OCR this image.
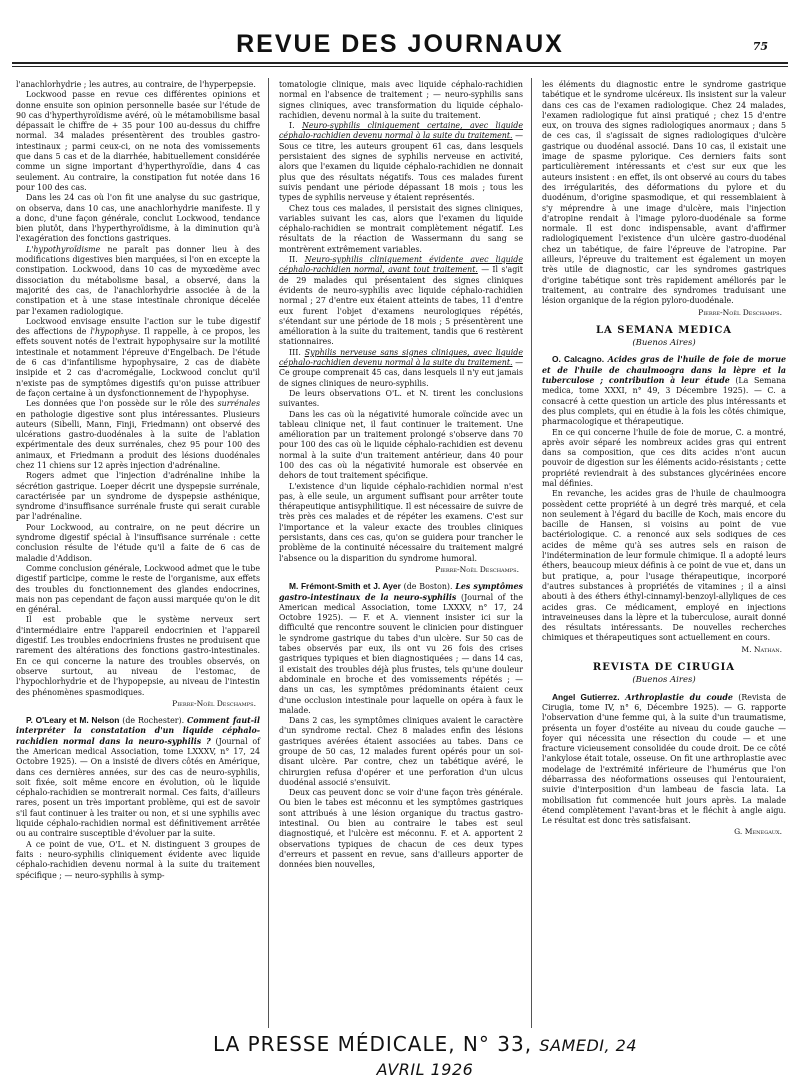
REVUE DES JOURNAUX	75

l'anachlorhydrie ; les autres, au contraire, de l'hyperpepsie.

Lockwood passe en revue ces différentes opinions et donne ensuite son opinion personnelle basée sur l'étude de 90 cas d'hyperthyroïdisme avéré, où le métamobilisme basal dépassait le chiffre de + 35 pour 100 au-dessus du chiffre normal. 34 malades présentèrent des troubles gastro-intestinaux ; parmi ceux-ci, on ne nota des vomissements que dans 5 cas et de la diarrhée, habituellement considérée comme un signe important d'hyperthyroïdie, dans 4 cas seulement. Au contraire, la constipation fut notée dans 16 pour 100 des cas.

Dans les 24 cas où l'on fit une analyse du suc gastrique, on observa, dans 10 cas, une anachlorhydrie manifeste. Il y a donc, d'une façon générale, conclut Lockwood, tendance bien plutôt, dans l'hyperthyroïdisme, à la diminution qu'à l'exagération des fonctions gastriques.

L'hypothyroïdisme ne paraît pas donner lieu à des modifications digestives bien marquées, si l'on en excepte la constipation. Lockwood, dans 10 cas de myxœdème avec dissociation du métabolisme basal, a observé, dans la majorité des cas, de l'anachlorhydrie associée à de la constipation et à une stase intestinale chronique décelée par l'examen radiologique.

Lockwood envisage ensuite l'action sur le tube digestif des affections de l'hypophyse. Il rappelle, à ce propos, les effets souvent notés de l'extrait hypophysaire sur la motilité intestinale et notamment l'épreuve d'Engelbach. De l'étude de 6 cas d'infantilisme hypophysaire, 2 cas de diabète insipide et 2 cas d'acromégalie, Lockwood conclut qu'il n'existe pas de symptômes digestifs qu'on puisse attribuer de façon certaine à un dysfonctionnement de l'hypophyse.

Les données que l'on possède sur le rôle des surrénales en pathologie digestive sont plus intéressantes. Plusieurs auteurs (Sibelli, Mann, Finji, Friedmann) ont observé des ulcérations gastro-duodénales à la suite de l'ablation expérimentale des deux surrénales, chez 95 pour 100 des animaux, et Friedmann a produit des lésions duodénales chez 11 chiens sur 12 après injection d'adrénaline.

Rogers admet que l'injection d'adrénaline inhibe la sécrétion gastrique. Loeper décrit une dyspepsie surrénale, caractérisée par un syndrome de dyspepsie asthénique, syndrome d'insuffisance surrénale fruste qui serait curable par l'adrénaline.

Pour Lockwood, au contraire, on ne peut décrire un syndrome digestif spécial à l'insuffisance surrénale : cette conclusion résulte de l'étude qu'il a faite de 6 cas de maladie d'Addison.

Comme conclusion générale, Lockwood admet que le tube digestif participe, comme le reste de l'organisme, aux effets des troubles du fonctionnement des glandes endocrines, mais non pas cependant de façon aussi marquée qu'on le dit en général.

Il est probable que le système nerveux sert d'intermédiaire entre l'appareil endocrinien et l'appareil digestif. Les troubles endocriniens frustes ne produisent que rarement des altérations des fonctions gastro-intestinales. En ce qui concerne la nature des troubles observés, on observe surtout, au niveau de l'estomac, de l'hypochlorhydrie et de l'hypopepsie, au niveau de l'intestin des phénomènes spasmodiques.

Pierre-Noël Deschamps.

P. O'Leary et M. Nelson (de Rochester). Comment faut-il interpréter la constatation d'un liquide céphalo-rachidien normal dans la neuro-syphilis ? (Journal of the American medical Association, tome LXXXV, n° 17, 24 Octobre 1925). — On a insisté de divers côtés en Amérique, dans ces dernières années, sur des cas de neuro-syphilis, soit fixée, soit même encore en évolution, où le liquide céphalo-rachidien se montrerait normal. Ces faits, d'ailleurs rares, posent un très important problème, qui est de savoir s'il faut continuer à les traiter ou non, et si une syphilis avec liquide céphalo-rachidien normal est définitivement arrêtée ou au contraire susceptible d'évoluer par la suite.

A ce point de vue, O'L. et N. distinguent 3 groupes de faits : neuro-syphilis cliniquement évidente avec liquide céphalo-rachidien devenu normal à la suite du traitement spécifique ; — neuro-syphilis à symp-

tomatologie clinique, mais avec liquide céphalo-rachidien normal en l'absence de traitement ; — neuro-syphilis sans signes cliniques, avec transformation du liquide céphalo-rachidien, devenu normal à la suite du traitement.

I. Neuro-syphilis cliniquement certaine, avec liquide céphalo-rachidien devenu normal à la suite du traitement. — Sous ce titre, les auteurs groupent 61 cas, dans lesquels persistaient des signes de syphilis nerveuse en activité, alors que l'examen du liquide céphalo-rachidien ne donnait plus que des résultats négatifs. Tous ces malades furent suivis pendant une période dépassant 18 mois ; tous les types de syphilis nerveuse y étaient représentés.

Chez tous ces malades, il persistait des signes cliniques, variables suivant les cas, alors que l'examen du liquide céphalo-rachidien se montrait complètement négatif. Les résultats de la réaction de Wassermann du sang se montrèrent extrêmement variables.

II. Neuro-syphilis cliniquement évidente avec liquide céphalo-rachidien normal, avant tout traitement. — Il s'agit de 29 malades qui présentaient des signes cliniques évidents de neuro-syphilis avec liquide céphalo-rachidien normal ; 27 d'entre eux étaient atteints de tabes, 11 d'entre eux furent l'objet d'examens neurologiques répétés, s'étendant sur une période de 18 mois ; 5 présentèrent une amélioration à la suite du traitement, tandis que 6 restèrent stationnaires.

III. Syphilis nerveuse sans signes cliniques, avec liquide céphalo-rachidien devenu normal à la suite du traitement. — Ce groupe comprenait 45 cas, dans lesquels il n'y eut jamais de signes cliniques de neuro-syphilis.

De leurs observations O'L. et N. tirent les conclusions suivantes.

Dans les cas où la négativité humorale coïncide avec un tableau clinique net, il faut continuer le traitement. Une amélioration par un traitement prolongé s'observe dans 70 pour 100 des cas où le liquide céphalo-rachidien est devenu normal à la suite d'un traitement antérieur, dans 40 pour 100 des cas où la négativité humorale est observée en dehors de tout traitement spécifique.

L'existence d'un liquide céphalo-rachidien normal n'est pas, à elle seule, un argument suffisant pour arrêter toute thérapeutique antisyphilitique. Il est nécessaire de suivre de très près ces malades et de répéter les examens. C'est sur l'importance et la valeur exacte des troubles cliniques persistants, dans ces cas, qu'on se guidera pour trancher le problème de la continuité nécessaire du traitement malgré l'absence ou la disparition du syndrome humoral.

Pierre-Noël Deschamps.

M. Frémont-Smith et J. Ayer (de Boston). Les symptômes gastro-intestinaux de la neuro-syphilis (Journal of the American medical Association, tome LXXXV, n° 17, 24 Octobre 1925). — F. et A. viennent insister ici sur la difficulté que rencontre souvent le clinicien pour distinguer le syndrome gastrique du tabes d'un ulcère. Sur 50 cas de tabes observés par eux, ils ont vu 26 fois des crises gastriques typiques et bien diagnostiquées ; — dans 14 cas, il existait des troubles déjà plus frustes, tels qu'une douleur abdominale en broche et des vomissements répétés ; — dans un cas, les symptômes prédominants étaient ceux d'une occlusion intestinale pour laquelle on opéra à faux le malade.

Dans 2 cas, les symptômes cliniques avaient le caractère d'un syndrome rectal. Chez 8 malades enfin des lésions gastriques avérées étaient associées au tabes. Dans ce groupe de 50 cas, 12 malades furent opérés pour un soi-disant ulcère. Par contre, chez un tabétique avéré, le chirurgien refusa d'opérer et une perforation d'un ulcus duodénal associé s'ensuivit.

Deux cas peuvent donc se voir d'une façon très générale. Ou bien le tabes est méconnu et les symptômes gastriques sont attribués à une lésion organique du tractus gastro-intestinal. Ou bien au contraire le tabes est seul diagnostiqué, et l'ulcère est méconnu. F. et A. apportent 2 observations typiques de chacun de ces deux types d'erreurs et passent en revue, sans d'ailleurs apporter de données bien nouvelles,

les éléments du diagnostic entre le syndrome gastrique tabétique et le syndrome ulcéreux. Ils insistent sur la valeur dans ces cas de l'examen radiologique. Chez 24 malades, l'examen radiologique fut ainsi pratiqué ; chez 15 d'entre eux, on trouva des signes radiologiques anormaux ; dans 5 de ces cas, il s'agissait de signes radiologiques d'ulcère gastrique ou duodénal associé. Dans 10 cas, il existait une image de spasme pylorique. Ces derniers faits sont particulièrement intéressants et c'est sur eux que les auteurs insistent : en effet, ils ont observé au cours du tabes des irrégularités, des déformations du pylore et du duodénum, d'origine spasmodique, et qui ressemblaient à s'y méprendre à une image d'ulcère, mais l'injection d'atropine rendait à l'image pyloro-duodénale sa forme normale. Il est donc indispensable, avant d'affirmer radiologiquement l'existence d'un ulcère gastro-duodénal chez un tabétique, de faire l'épreuve de l'atropine. Par ailleurs, l'épreuve du traitement est également un moyen très utile de diagnostic, car les syndromes gastriques d'origine tabétique sont très rapidement améliorés par le traitement, au contraire des syndromes traduisant une lésion organique de la région pyloro-duodénale.

Pierre-Noël Deschamps.
LA SEMANA MEDICA
(Buenos Aires)

O. Calcagno. Acides gras de l'huile de foie de morue et de l'huile de chaulmoogra dans la lèpre et la tuberculose ; contribution à leur étude (La Semana medica, tome XXXI, n° 49, 3 Décembre 1925). — C. a consacré à cette question un article des plus intéressants et des plus complets, qui en étudie à la fois les côtés chimique, pharmacologique et thérapeutique.

En ce qui concerne l'huile de foie de morue, C. a montré, après avoir séparé les nombreux acides gras qui entrent dans sa composition, que ces dits acides n'ont aucun pouvoir de digestion sur les éléments acido-résistants ; cette propriété reviendrait à des substances glycérinées encore mal définies.

En revanche, les acides gras de l'huile de chaulmoogra possèdent cette propriété à un degré très marqué, et cela non seulement à l'égard du bacille de Koch, mais encore du bacille de Hansen, si voisins au point de vue bactériologique. C. a renoncé aux sels sodiques de ces acides de même qu'à ses autres sels en raison de l'indétermination de leur formule chimique. Il a adopté leurs éthers, beaucoup mieux définis à ce point de vue et, dans un but pratique, a, pour l'usage thérapeutique, incorporé d'autres substances à propriétés de vitamines ; il a ainsi abouti à des éthers éthyl-cinnamyl-benzoyl-allyliques de ces acides gras. Ce médicament, employé en injections intraveineuses dans la lèpre et la tuberculose, aurait donné des résultats intéressants. De nouvelles recherches chimiques et thérapeutiques sont actuellement en cours.

M. Nathan.
REVISTA DE CIRUGIA
(Buenos Aires)

Angel Gutierrez. Arthroplastie du coude (Revista de Cirugia, tome IV, n° 6, Décembre 1925). — G. rapporte l'observation d'une femme qui, à la suite d'un traumatisme, présenta un foyer d'ostéite au niveau du coude gauche — foyer qui nécessita une résection du coude — et une fracture vicieusement consolidée du coude droit. De ce côté l'ankylose était totale, osseuse. On fit une arthroplastie avec modelage de l'extrémité inférieure de l'humérus que l'on débarrassa des néoformations osseuses qui l'entouraient, suivie d'interposition d'un lambeau de fascia lata. La mobilisation fut commencée huit jours après. La malade étend complètement l'avant-bras et le fléchit à angle aigu. Le résultat est donc très satisfaisant.

G. Menegaux.
LA PRESSE MÉDICALE, N° 33, SAMEDI, 24 AVRIL 1926
